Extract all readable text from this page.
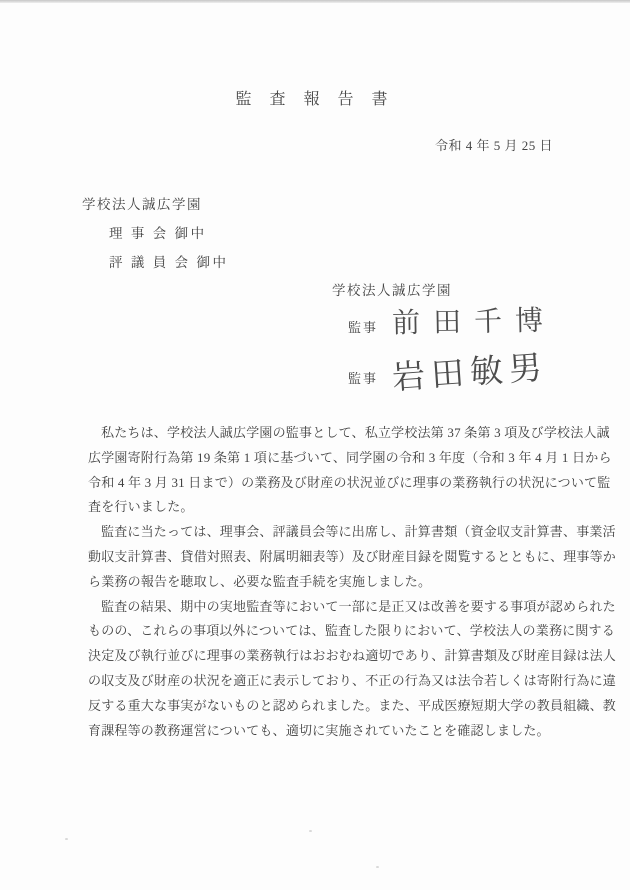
監 査 報 告 書
令和 4 年 5 月 25 日
学校法人誠広学園
理 事 会 御中
評 議 員 会 御中
学校法人誠広学園
監事 前田千博
監事 岩田敏男
私たちは、学校法人誠広学園の監事として、私立学校法第 37 条第 3 項及び学校法人誠
広学園寄附行為第 19 条第 1 項に基づいて、同学園の令和 3 年度（令和 3 年 4 月 1 日から
令和 4 年 3 月 31 日まで）の業務及び財産の状況並びに理事の業務執行の状況について監
査を行いました。
監査に当たっては、理事会、評議員会等に出席し、計算書類（資金収支計算書、事業活
動収支計算書、貸借対照表、附属明細表等）及び財産目録を閲覧するとともに、理事等か
ら業務の報告を聴取し、必要な監査手続を実施しました。
監査の結果、期中の実地監査等において一部に是正又は改善を要する事項が認められた
ものの、これらの事項以外については、監査した限りにおいて、学校法人の業務に関する
決定及び執行並びに理事の業務執行はおおむね適切であり、計算書類及び財産目録は法人
の収支及び財産の状況を適正に表示しており、不正の行為又は法令若しくは寄附行為に違
反する重大な事実がないものと認められました。また、平成医療短期大学の教員組織、教
育課程等の教務運営についても、適切に実施されていたことを確認しました。
